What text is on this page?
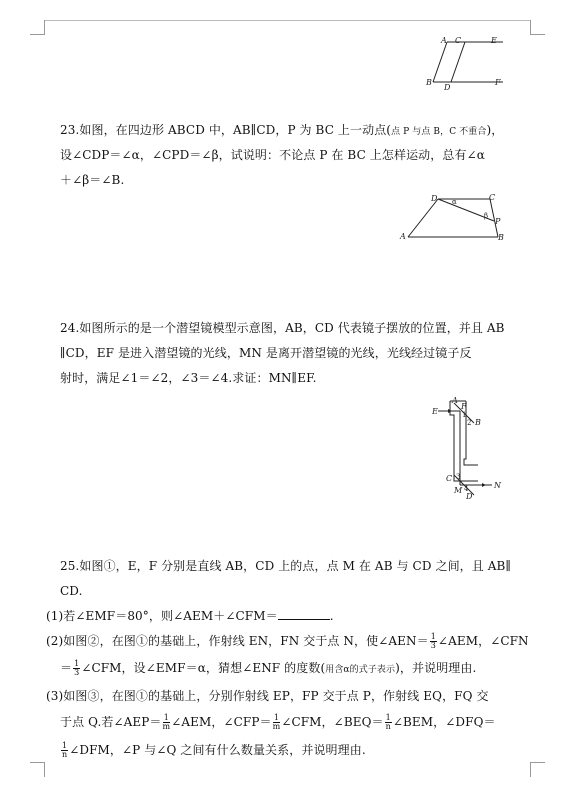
A C	E
B
D
F
23.如图，在四边形 ABCD 中，AB∥CD，P 为 BC 上一动点(点 P 与点 B，C 不重合)，
设∠CDP＝∠α，∠CPD＝∠β，试说明：不论点 P 在 BC 上怎样运动，总有∠α
＋∠β＝∠B.
D	C
A	B
P
α
β
24.如图所示的是一个潜望镜模型示意图，AB，CD 代表镜子摆放的位置，并且 AB
∥CD，EF 是进入潜望镜的光线，MN 是离开潜望镜的光线，光线经过镜子反
射时，满足∠1＝∠2，∠3＝∠4.求证：MN∥EF.
E
A
F
B
1
2
C 3
4
M
D
N
25.如图①，E，F 分别是直线 AB，CD 上的点，点 M 在 AB 与 CD 之间，且 AB∥
CD.
(1)若∠EMF＝80°，则∠AEM＋∠CFM＝	.
(2)如图②，在图①的基础上，作射线 EN，FN 交于点 N，使∠AEN＝ $\frac{1}{3}$ ∠AEM，∠CFN
＝ $\frac{1}{3}$ ∠CFM，设∠EMF＝α，猜想∠ENF 的度数(用含α的式子表示)，并说明理由.
(3)如图③，在图①的基础上，分别作射线 EP，FP 交于点 P，作射线 EQ，FQ 交
于点 Q.若∠AEP＝ $\frac{1}{m}$ ∠AEM，∠CFP＝ $\frac{1}{m}$ ∠CFM，∠BEQ＝ $\frac{1}{n}$ ∠BEM，∠DFQ＝
$\frac{1}{n}$ ∠DFM，∠P 与∠Q 之间有什么数量关系，并说明理由.
